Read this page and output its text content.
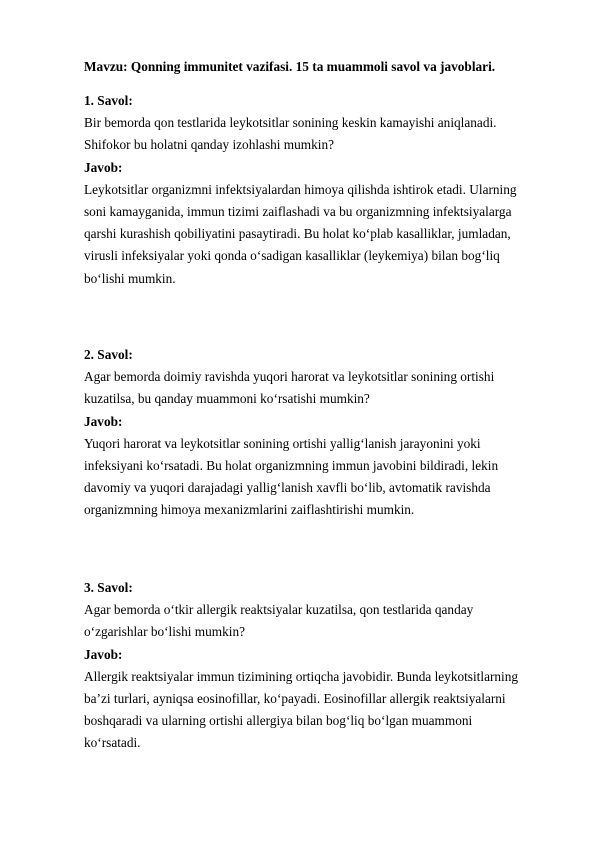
Mavzu: Qonning immunitet vazifasi. 15 ta muammoli savol va javoblari.

1. Savol:

Bir bemorda qon testlarida leykotsitlar sonining keskin kamayishi aniqlanadi.

Shifokor bu holatni qanday izohlashi mumkin?

Javob:

Leykotsitlar organizmni infektsiyalardan himoya qilishda ishtirok etadi. Ularning

soni kamayganida, immun tizimi zaiflashadi va bu organizmning infektsiyalarga

qarshi kurashish qobiliyatini pasaytiradi. Bu holat ko‘plab kasalliklar, jumladan,

virusli infeksiyalar yoki qonda o‘sadigan kasalliklar (leykemiya) bilan bog‘liq

bo‘lishi mumkin.

2. Savol:

Agar bemorda doimiy ravishda yuqori harorat va leykotsitlar sonining ortishi

kuzatilsa, bu qanday muammoni ko‘rsatishi mumkin?

Javob:

Yuqori harorat va leykotsitlar sonining ortishi yallig‘lanish jarayonini yoki

infeksiyani ko‘rsatadi. Bu holat organizmning immun javobini bildiradi, lekin

davomiy va yuqori darajadagi yallig‘lanish xavfli bo‘lib, avtomatik ravishda

organizmning himoya mexanizmlarini zaiflashtirishi mumkin.

3. Savol:

Agar bemorda o‘tkir allergik reaktsiyalar kuzatilsa, qon testlarida qanday

o‘zgarishlar bo‘lishi mumkin?

Javob:

Allergik reaktsiyalar immun tizimining ortiqcha javobidir. Bunda leykotsitlarning

ba’zi turlari, ayniqsa eosinofillar, ko‘payadi. Eosinofillar allergik reaktsiyalarni

boshqaradi va ularning ortishi allergiya bilan bog‘liq bo‘lgan muammoni

ko‘rsatadi.
